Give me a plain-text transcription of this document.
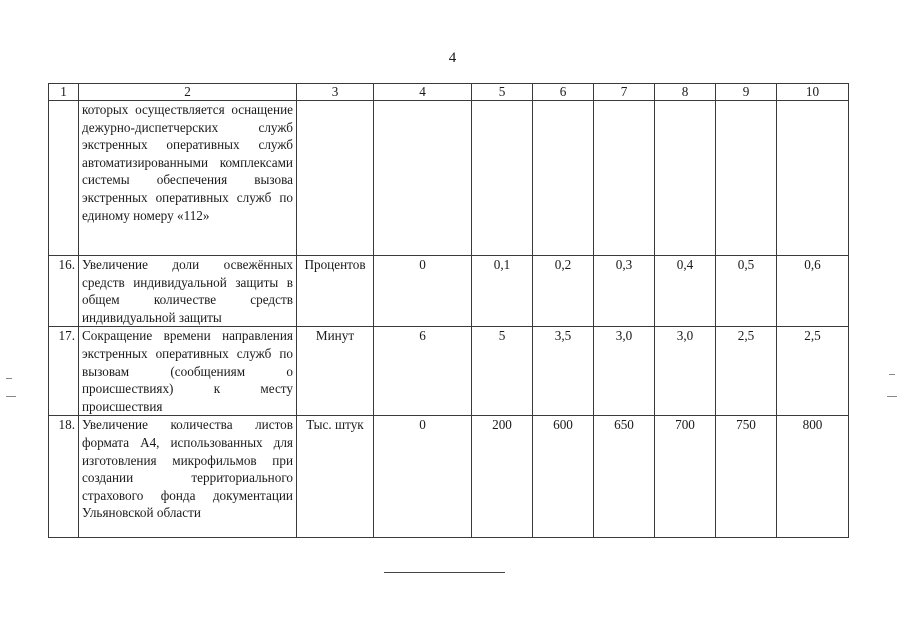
4
1	2	3	4	5	6	7	8	9	10

	которых осуществляется оснащение дежурно-диспетчерских служб экстренных оперативных служб автоматизированными комплексами системы обеспечения вызова экстренных оперативных служб по единому номеру «112»								

16.	Увеличение доли освежённых средств индивидуальной защиты в общем количестве средств индивидуальной защиты	Процентов	0	0,1	0,2	0,3	0,4	0,5	0,6
17.	Сокращение времени направления экстренных оперативных служб по вызовам (сообщениям о происшествиях) к месту происшествия	Минут	6	5	3,5	3,0	3,0	2,5	2,5
18.	Увеличение количества листов формата А4, использованных для изготовления микрофильмов при создании территориального страхового фонда документации Ульяновской области	Тыс. штук	0	200	600	650	700	750	800
